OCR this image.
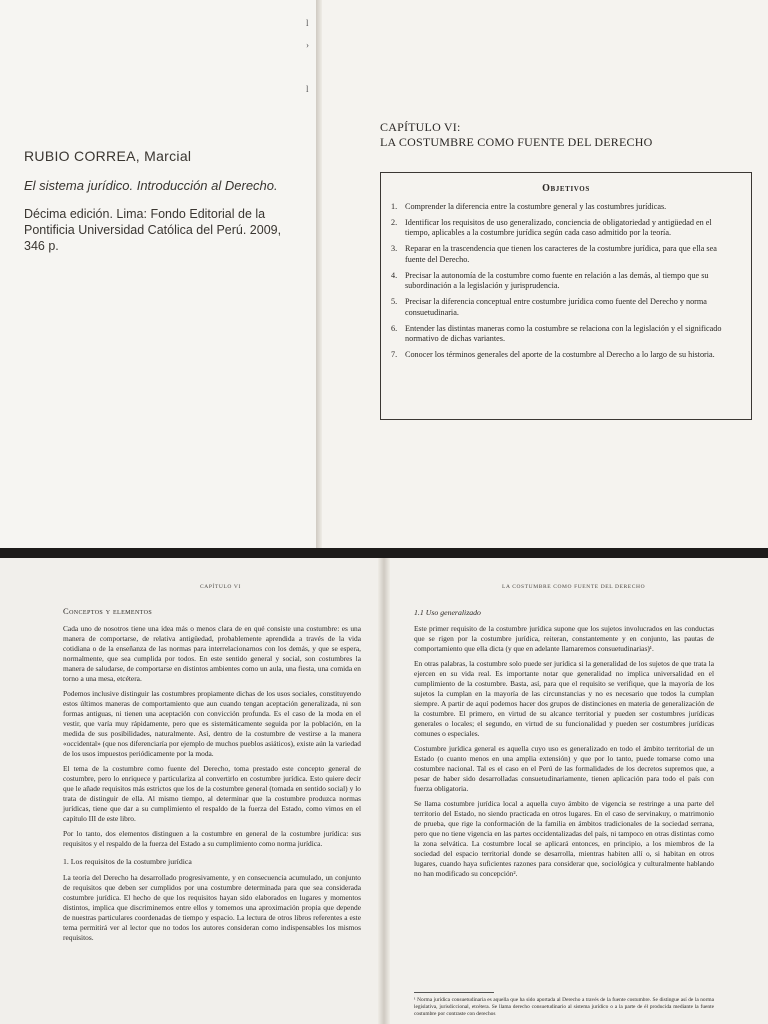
l
›

l
RUBIO CORREA, Marcial
El sistema jurídico. Introducción al Derecho.
Décima edición. Lima: Fondo Editorial de la Pontificia Universidad Católica del Perú. 2009, 346 p.
CAPÍTULO VI:
LA COSTUMBRE COMO FUENTE DEL DERECHO
Objetivos
1. Comprender la diferencia entre la costumbre general y las costumbres jurídicas.
2. Identificar los requisitos de uso generalizado, conciencia de obligatoriedad y antigüedad en el tiempo, aplicables a la costumbre jurídica según cada caso admitido por la teoría.
3. Reparar en la trascendencia que tienen los caracteres de la costumbre jurídica, para que ella sea fuente del Derecho.
4. Precisar la autonomía de la costumbre como fuente en relación a las demás, al tiempo que su subordinación a la legislación y jurisprudencia.
5. Precisar la diferencia conceptual entre costumbre jurídica como fuente del Derecho y norma consuetudinaria.
6. Entender las distintas maneras como la costumbre se relaciona con la legislación y el significado normativo de dichas variantes.
7. Conocer los términos generales del aporte de la costumbre al Derecho a lo largo de su historia.
CAPÍTULO VI
Conceptos y elementos

Cada uno de nosotros tiene una idea más o menos clara de en qué consiste una costumbre: es una manera de comportarse, de relativa antigüedad, probablemente aprendida a través de la vida cotidiana o de la enseñanza de las normas para interrelacionarnos con los demás, y que se espera, normalmente, que sea cumplida por todos. En este sentido general y social, son costumbres la manera de saludarse, de comportarse en distintos ambientes como un aula, una fiesta, una comida en torno a una mesa, etcétera.

Podemos inclusive distinguir las costumbres propiamente dichas de los usos sociales, constituyendo estos últimos maneras de comportamiento que aun cuando tengan aceptación generalizada, ni son formas antiguas, ni tienen una aceptación con convicción profunda. Es el caso de la moda en el vestir, que varía muy rápidamente, pero que es sistemáticamente seguida por la población, en la medida de sus posibilidades, naturalmente. Así, dentro de la costumbre de vestirse a la manera «occidental» (que nos diferenciaría por ejemplo de muchos pueblos asiáticos), existe aún la variedad de los usos impuestos periódicamente por la moda.

El tema de la costumbre como fuente del Derecho, toma prestado este concepto general de costumbre, pero lo enriquece y particulariza al convertirlo en costumbre jurídica. Esto quiere decir que le añade requisitos más estrictos que los de la costumbre general (tomada en sentido social) y lo trata de distinguir de ella. Al mismo tiempo, al determinar que la costumbre produzca normas jurídicas, tiene que dar a su cumplimiento el respaldo de la fuerza del Estado, como vimos en el capítulo III de este libro.

Por lo tanto, dos elementos distinguen a la costumbre en general de la costumbre jurídica: sus requisitos y el respaldo de la fuerza del Estado a su cumplimiento como norma jurídica.

1. Los requisitos de la costumbre jurídica

La teoría del Derecho ha desarrollado progresivamente, y en consecuencia acumulado, un conjunto de requisitos que deben ser cumplidos por una costumbre determinada para que sea considerada costumbre jurídica. El hecho de que los requisitos hayan sido elaborados en lugares y momentos distintos, implica que discriminemos entre ellos y tomemos una aproximación propia que depende de nuestras particulares coordenadas de tiempo y espacio. La lectura de otros libros referentes a este tema permitirá ver al lector que no todos los autores consideran como indispensables los mismos requisitos.

LA COSTUMBRE COMO FUENTE DEL DERECHO
1.1 Uso generalizado

Este primer requisito de la costumbre jurídica supone que los sujetos involucrados en las conductas que se rigen por la costumbre jurídica, reiteran, constantemente y en conjunto, las pautas de comportamiento que ella dicta (y que en adelante llamaremos consuetudinarias)¹.

En otras palabras, la costumbre solo puede ser jurídica si la generalidad de los sujetos de que trata la ejercen en su vida real. Es importante notar que generalidad no implica universalidad en el cumplimiento de la costumbre. Basta, así, para que el requisito se verifique, que la mayoría de los sujetos la cumplan en la mayoría de las circunstancias y no es necesario que todos la cumplan siempre. A partir de aquí podemos hacer dos grupos de distinciones en materia de generalización de la costumbre. El primero, en virtud de su alcance territorial y pueden ser costumbres jurídicas generales o locales; el segundo, en virtud de su funcionalidad y pueden ser costumbres jurídicas comunes o especiales.

Costumbre jurídica general es aquella cuyo uso es generalizado en todo el ámbito territorial de un Estado (o cuanto menos en una amplia extensión) y que por lo tanto, puede tomarse como una costumbre nacional. Tal es el caso en el Perú de las formalidades de los decretos supremos que, a pesar de haber sido desarrolladas consuetudinariamente, tienen aplicación para todo el país con fuerza obligatoria.

Se llama costumbre jurídica local a aquella cuyo ámbito de vigencia se restringe a una parte del territorio del Estado, no siendo practicada en otros lugares. En el caso de servinakuy, o matrimonio de prueba, que rige la conformación de la familia en ámbitos tradicionales de la sociedad serrana, pero que no tiene vigencia en las partes occidentalizadas del país, ni tampoco en otras distintas como la zona selvática. La costumbre local se aplicará entonces, en principio, a los miembros de la sociedad del espacio territorial donde se desarrolla, mientras habiten allí o, si habitan en otros lugares, cuando haya suficientes razones para considerar que, sociológica y culturalmente hablando no han modificado su concepción².

¹ Norma jurídica consuetudinaria es aquella que ha sido aportada al Derecho a través de la fuente costumbre. Se distingue así de la norma legislativa, jurisdiccional, etcétera. Se llama derecho consuetudinario al sistema jurídico o a la parte de él producida mediante la fuente costumbre por contraste con derechos
